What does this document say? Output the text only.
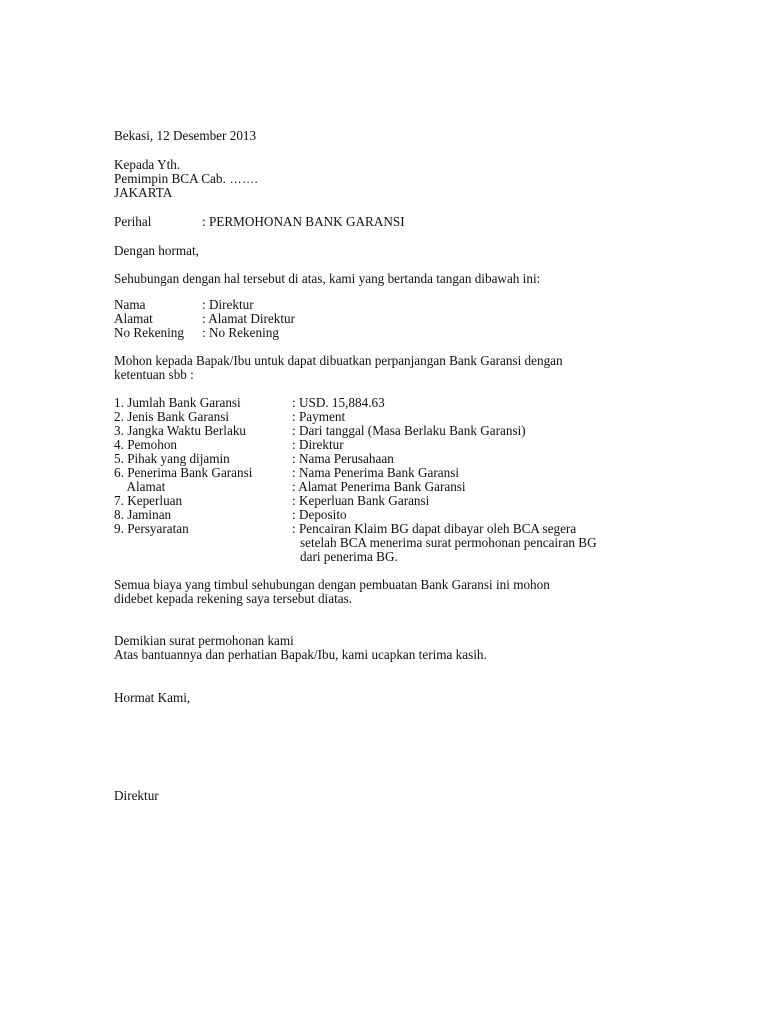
Bekasi, 12 Desember 2013
Kepada Yth.
Pemimpin BCA Cab. …….
JAKARTA
Perihal	: PERMOHONAN BANK GARANSI
Dengan hormat,
Sehubungan dengan hal tersebut di atas, kami yang bertanda tangan dibawah ini:
Nama	: Direktur
Alamat	: Alamat Direktur
No Rekening : No Rekening
Mohon kepada Bapak/Ibu untuk dapat dibuatkan perpanjangan Bank Garansi dengan
ketentuan sbb :
1. Jumlah Bank Garansi	: USD. 15,884.63
2. Jenis Bank Garansi	: Payment
3. Jangka Waktu Berlaku	: Dari tanggal (Masa Berlaku Bank Garansi)
4. Pemohon	: Direktur
5. Pihak yang dijamin	: Nama Perusahaan
6. Penerima Bank Garansi	: Nama Penerima Bank Garansi
Alamat	: Alamat Penerima Bank Garansi
7. Keperluan	: Keperluan Bank Garansi
8. Jaminan	: Deposito
9. Persyaratan	: Pencairan Klaim BG dapat dibayar oleh BCA segera
setelah BCA menerima surat permohonan pencairan BG
dari penerima BG.
Semua biaya yang timbul sehubungan dengan pembuatan Bank Garansi ini mohon
didebet kepada rekening saya tersebut diatas.
Demikian surat permohonan kami
Atas bantuannya dan perhatian Bapak/Ibu, kami ucapkan terima kasih.
Hormat Kami,
Direktur
